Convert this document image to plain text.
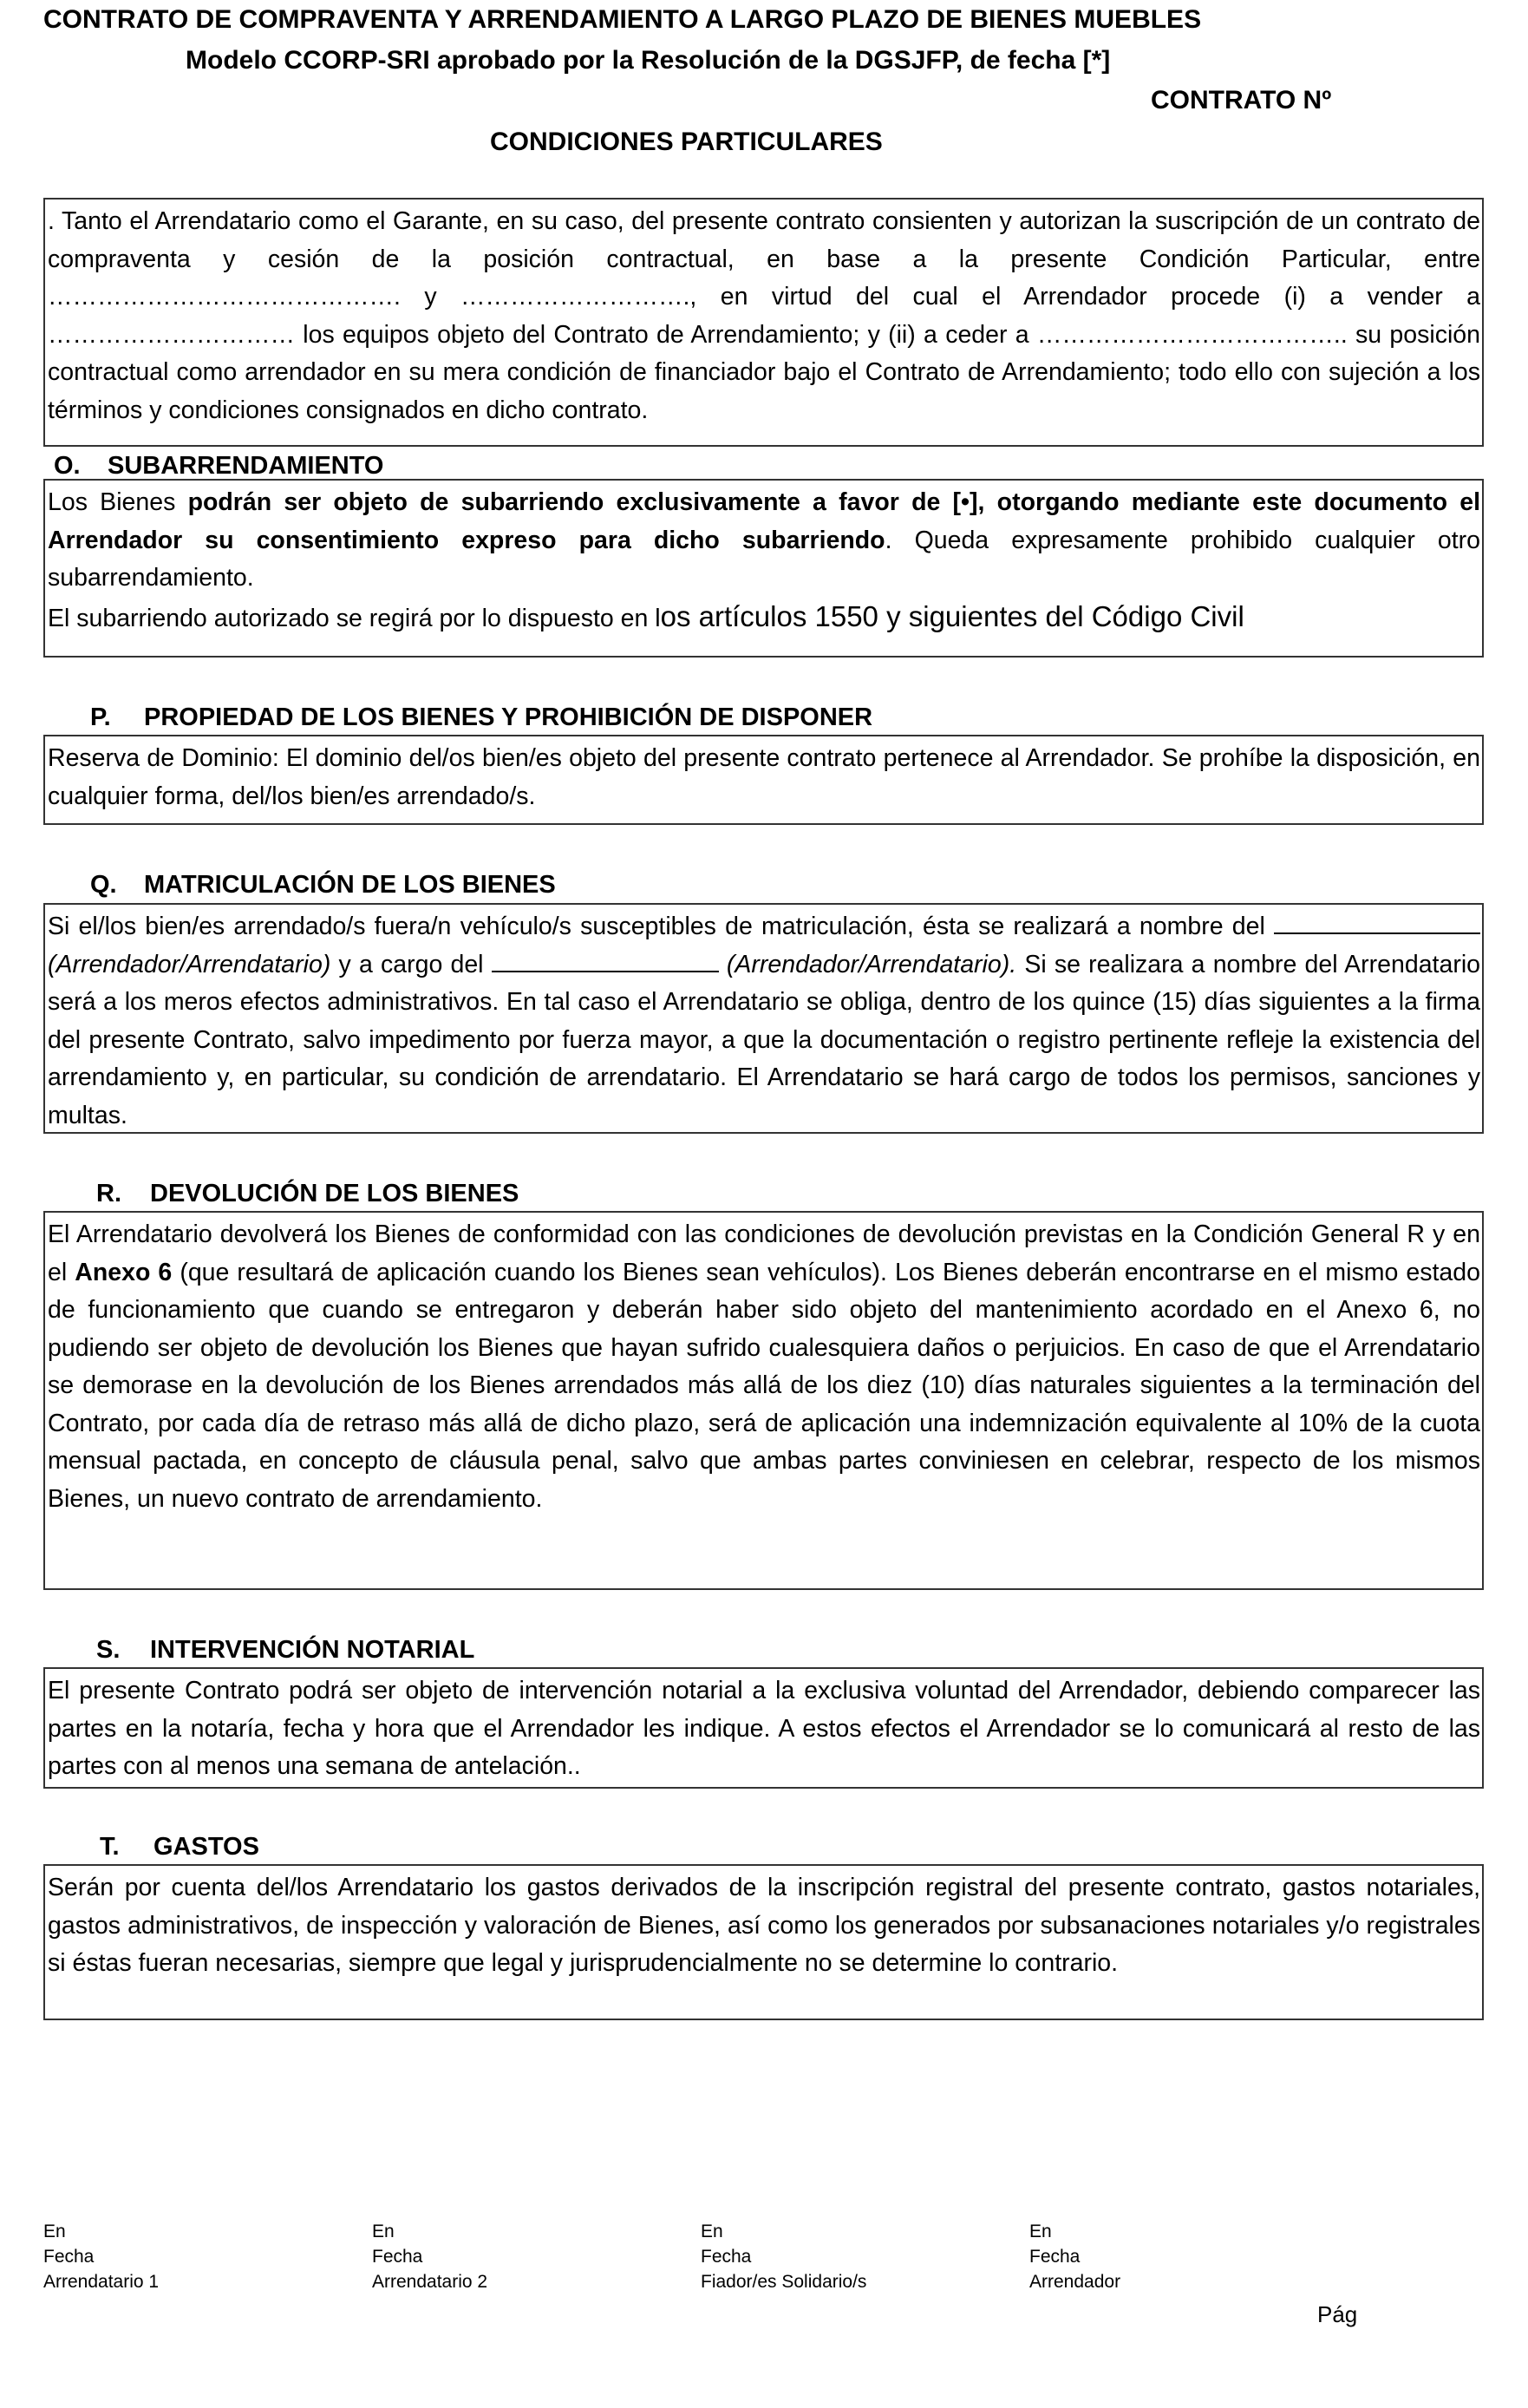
CONTRATO DE COMPRAVENTA Y ARRENDAMIENTO A LARGO PLAZO DE BIENES MUEBLES
Modelo CCORP-SRI aprobado por la Resolución de la DGSJFP, de fecha [*]
CONTRATO Nº
CONDICIONES PARTICULARES

. Tanto el Arrendatario como el Garante, en su caso, del presente contrato consienten y autorizan la suscripción de un contrato de compraventa y cesión de la posición contractual, en base a la presente Condición Particular, entre ……………………………………. y ………………………., en virtud del cual el Arrendador procede (i) a vender a ………………………… los equipos objeto del Contrato de Arrendamiento; y (ii) a ceder a ……………………………….. su posición contractual como arrendador en su mera condición de financiador bajo el Contrato de Arrendamiento; todo ello con sujeción a los términos y condiciones consignados en dicho contrato.

O. SUBARRENDAMIENTO

Los Bienes podrán ser objeto de subarriendo exclusivamente a favor de [•], otorgando mediante este documento el Arrendador su consentimiento expreso para dicho subarriendo. Queda expresamente prohibido cualquier otro subarrendamiento.

El subarriendo autorizado se regirá por lo dispuesto en los artículos 1550 y siguientes del Código Civil

P. PROPIEDAD DE LOS BIENES Y PROHIBICIÓN DE DISPONER

Reserva de Dominio: El dominio del/os bien/es objeto del presente contrato pertenece al Arrendador. Se prohíbe la disposición, en cualquier forma, del/los bien/es arrendado/s.

Q. MATRICULACIÓN DE LOS BIENES

Si el/los bien/es arrendado/s fuera/n vehículo/s susceptibles de matriculación, ésta se realizará a nombre del  (Arrendador/Arrendatario) y a cargo del	(Arrendador/Arrendatario). Si se realizara a nombre del Arrendatario será a los meros efectos administrativos. En tal caso el Arrendatario se obliga, dentro de los quince (15) días siguientes a la firma del presente Contrato, salvo impedimento por fuerza mayor, a que la documentación o registro pertinente refleje la existencia del arrendamiento y, en particular, su condición de arrendatario. El Arrendatario se hará cargo de todos los permisos, sanciones y multas.

R. DEVOLUCIÓN DE LOS BIENES

El Arrendatario devolverá los Bienes de conformidad con las condiciones de devolución previstas en la Condición General R y en el Anexo 6 (que resultará de aplicación cuando los Bienes sean vehículos). Los Bienes deberán encontrarse en el mismo estado de funcionamiento que cuando se entregaron y deberán haber sido objeto del mantenimiento acordado en el Anexo 6, no pudiendo ser objeto de devolución los Bienes que hayan sufrido cualesquiera daños o perjuicios. En caso de que el Arrendatario se demorase en la devolución de los Bienes arrendados más allá de los diez (10) días naturales siguientes a la terminación del Contrato, por cada día de retraso más allá de dicho plazo, será de aplicación una indemnización equivalente al 10% de la cuota mensual pactada, en concepto de cláusula penal, salvo que ambas partes conviniesen en celebrar, respecto de los mismos Bienes, un nuevo contrato de arrendamiento.

S. INTERVENCIÓN NOTARIAL

El presente Contrato podrá ser objeto de intervención notarial a la exclusiva voluntad del Arrendador, debiendo comparecer las partes en la notaría, fecha y hora que el Arrendador les indique. A estos efectos el Arrendador se lo comunicará al resto de las partes con al menos una semana de antelación..

T. GASTOS

Serán por cuenta del/los Arrendatario los gastos derivados de la inscripción registral del presente contrato, gastos notariales, gastos administrativos, de inspección y valoración de Bienes, así como los generados por subsanaciones notariales y/o registrales si éstas fueran necesarias, siempre que legal y jurisprudencialmente no se determine lo contrario.

En
Fecha
Arrendatario 1
En
Fecha
Arrendatario 2
En
Fecha
Fiador/es Solidario/s
En
Fecha
Arrendador
Pág
